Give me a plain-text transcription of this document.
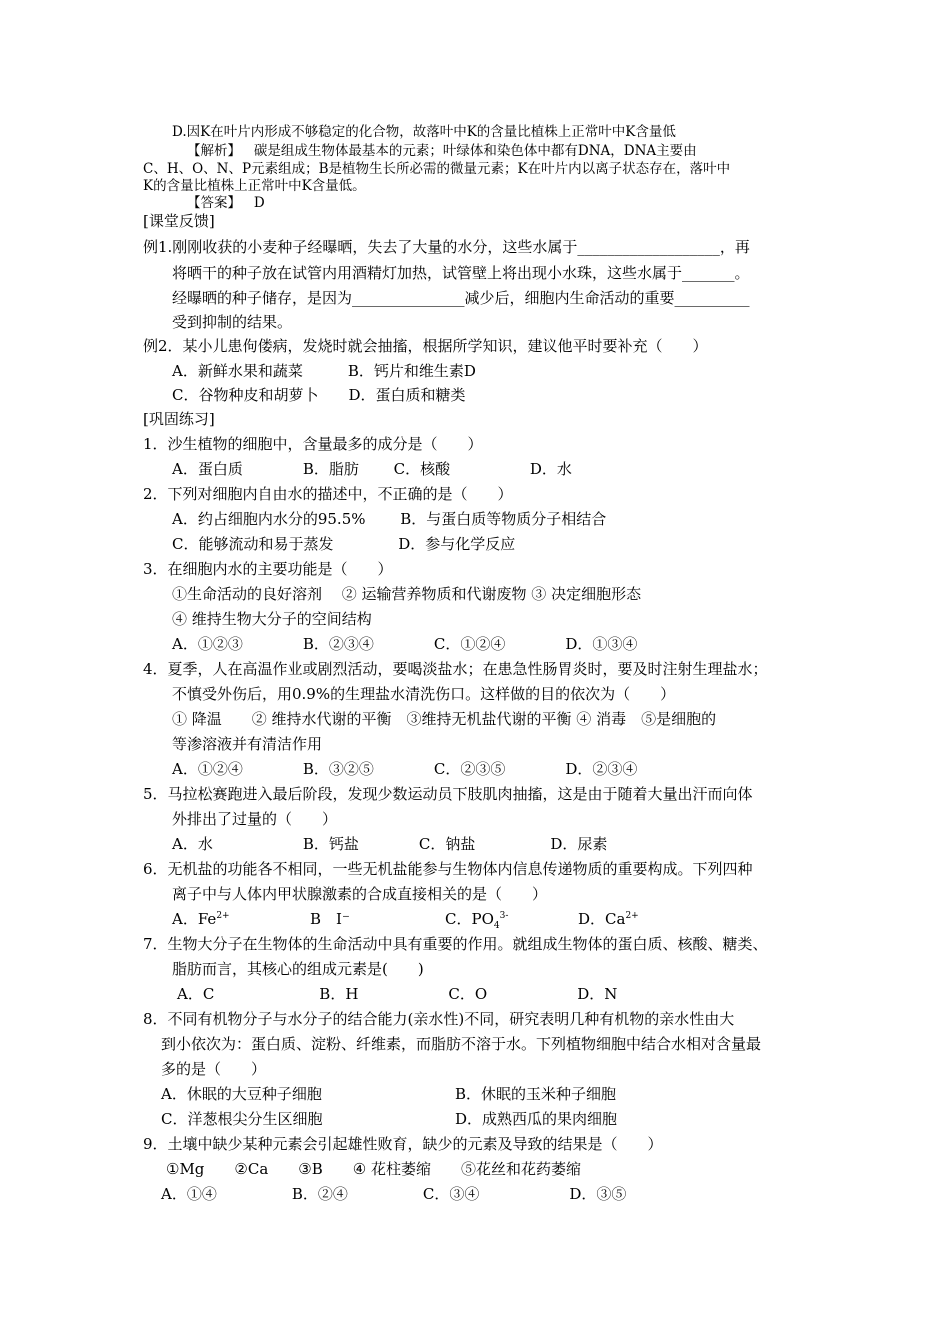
D.因K在叶片内形成不够稳定的化合物，故落叶中K的含量比植株上正常叶中K含量低
【解析】 碳是组成生物体最基本的元素；叶绿体和染色体中都有DNA，DNA主要由
C、H、O、N、P元素组成；B是植物生长所必需的微量元素；K在叶片内以离子状态存在，落叶中
K的含量比植株上正常叶中K含量低。
【答案】 D
[课堂反馈]
例1.刚刚收获的小麦种子经曝晒，失去了大量的水分，这些水属于___________________，再
将晒干的种子放在试管内用酒精灯加热，试管壁上将出现小水珠，这些水属于_______。
经曝晒的种子储存，是因为_______________减少后，细胞内生命活动的重要__________
受到抑制的结果。
例2．某小儿患佝偻病，发烧时就会抽搐，根据所学知识，建议他平时要补充（　　）
A．新鲜水果和蔬菜　　　B．钙片和维生素D
C．谷物种皮和胡萝卜　　D．蛋白质和糖类
[巩固练习]
1．沙生植物的细胞中，含量最多的成分是（　　）
A．蛋白质　　　　B．脂肪　　 C．核酸　　　　　 D．水
2．下列对细胞内自由水的描述中，不正确的是（　　）
A．约占细胞内水分的95.5%　　 B．与蛋白质等物质分子相结合
C．能够流动和易于蒸发　　　　 D．参与化学反应
3．在细胞内水的主要功能是（　　）
①生命活动的良好溶剂　 ② 运输营养物质和代谢废物 ③ 决定细胞形态
④ 维持生物大分子的空间结构
A．①②③　　　　B．②③④　　　　C．①②④　　　　D．①③④
4．夏季，人在高温作业或剧烈活动，要喝淡盐水；在患急性肠胃炎时，要及时注射生理盐水；
不慎受外伤后，用0.9%的生理盐水清洗伤口。这样做的目的依次为（　　）
① 降温　　② 维持水代谢的平衡　③维持无机盐代谢的平衡 ④ 消毒　⑤是细胞的
等渗溶液并有清洁作用
A．①②④　　　　B．③②⑤　　　　C．②③⑤　　　　D．②③④
5．马拉松赛跑进入最后阶段，发现少数运动员下肢肌肉抽搐，这是由于随着大量出汗而向体
外排出了过量的（　　）
A．水　　　　　　B．钙盐　　　　C．钠盐　　　　　D．尿素
6．无机盐的功能各不相同，一些无机盐能参与生物体内信息传递物质的重要构成。下列四种
离子中与人体内甲状腺激素的合成直接相关的是（　　）
A．$Fe^{2+}$	B　I⁻	C．$PO_4^{3-}$	D．$Ca^{2+}$
7．生物大分子在生物体的生命活动中具有重要的作用。就组成生物体的蛋白质、核酸、糖类、
脂肪而言，其核心的组成元素是(　　)
A．C　　　　　　　B．H　　　　　　C．O　　　　　　D．N
8．不同有机物分子与水分子的结合能力(亲水性)不同，研究表明几种有机物的亲水性由大
到小依次为：蛋白质、淀粉、纤维素，而脂肪不溶于水。下列植物细胞中结合水相对含量最
多的是（　　）
A．休眠的大豆种子细胞	B．休眠的玉米种子细胞
C．洋葱根尖分生区细胞	D．成熟西瓜的果肉细胞
9．土壤中缺少某种元素会引起雄性败育，缺少的元素及导致的结果是（　　）
①Mg　　②Ca　　③B　　④ 花柱萎缩　　⑤花丝和花药萎缩
A．①④　　　　　B．②④　　　　　C．③④　　　　　　D．③⑤
